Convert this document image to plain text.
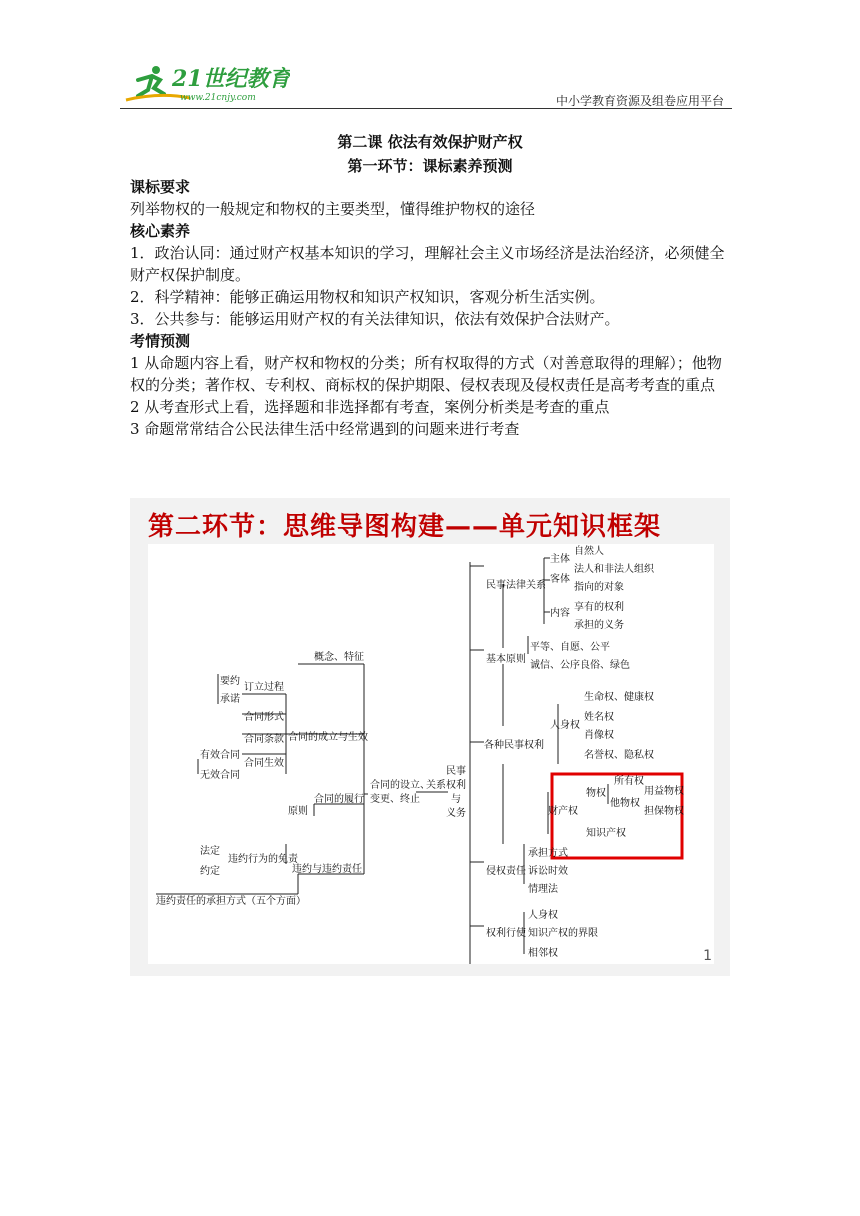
21世纪教育
www.21cnjy.com	中小学教育资源及组卷应用平台
第二课 依法有效保护财产权
第一环节：课标素养预测

课标要求

列举物权的一般规定和物权的主要类型，懂得维护物权的途径

核心素养

1．政治认同：通过财产权基本知识的学习，理解社会主义市场经济是法治经济，必须健全财产权保护制度。

2．科学精神：能够正确运用物权和知识产权知识，客观分析生活实例。

3．公共参与：能够运用财产权的有关法律知识，依法有效保护合法财产。

考情预测

1 从命题内容上看，财产权和物权的分类；所有权取得的方式（对善意取得的理解）；他物权的分类；著作权、专利权、商标权的保护期限、侵权表现及侵权责任是高考考查的重点

2 从考查形式上看，选择题和非选择都有考查，案例分析类是考查的重点

3 命题常常结合公民法律生活中经常遇到的问题来进行考查

第二环节：思维导图构建——单元知识框架
民事
权利
与
义务
关系
合同的设立、
变更、终止
概念、特征
合同的成立与生效
要约
承诺
订立过程
合同形式
合同条款
合同生效
有效合同
无效合同
合同的履行
原则
违约与违约责任
违约行为的免责
法定
约定
违约责任的承担方式（五个方面）
民事法律关系
主体
客体
内容
自然人
法人和非法人组织
指向的对象
享有的权利
承担的义务
基本原则
平等、自愿、公平
诚信、公序良俗、绿色
各种民事权利
人身权
生命权、健康权
姓名权
肖像权
名誉权、隐私权
财产权
物权
所有权
他物权
用益物权
担保物权
知识产权
侵权责任
承担方式
诉讼时效
情理法
权利行使
人身权
知识产权的界限
相邻权	1
